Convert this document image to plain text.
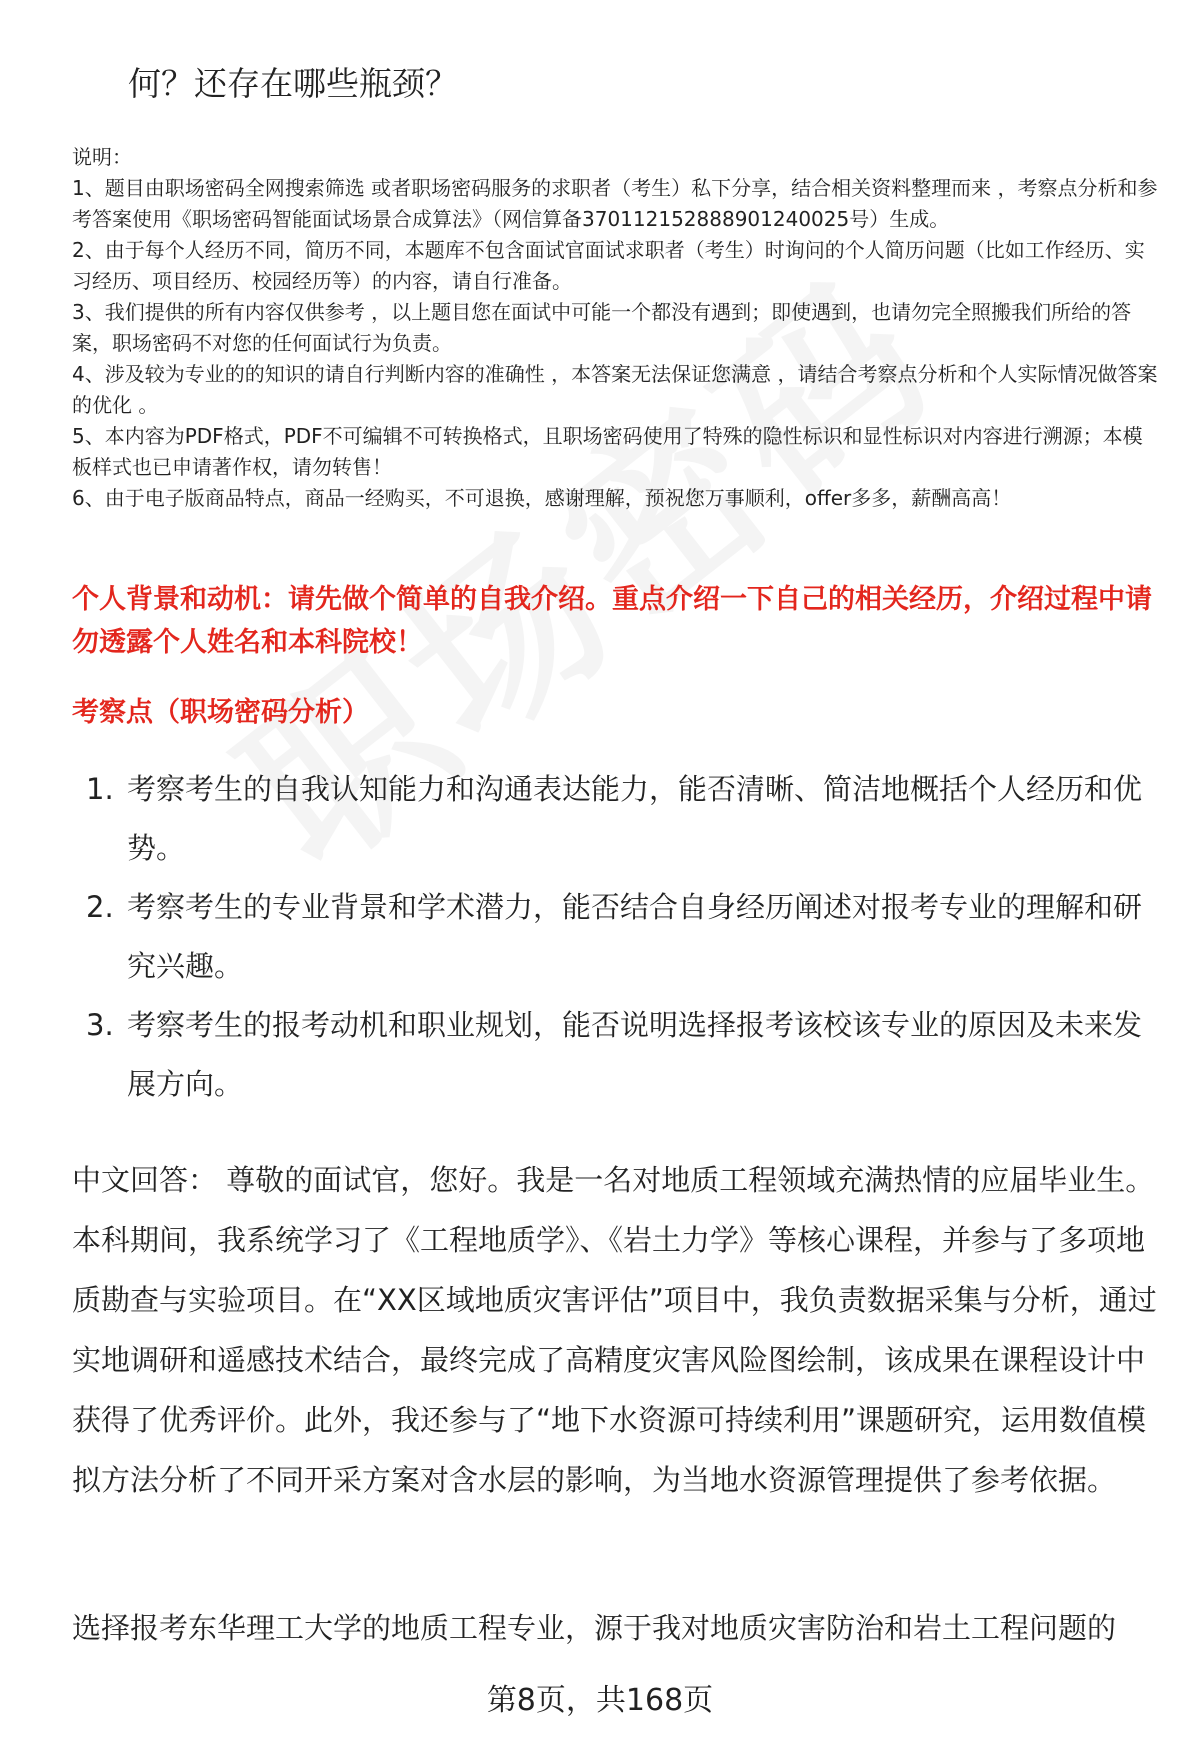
何？还存在哪些瓶颈？

说明：

1、题目由职场密码全网搜索筛选 或者职场密码服务的求职者（考生）私下分享，结合相关资料整理而来 ，考察点分析和参考答案使用《职场密码智能面试场景合成算法》（网信算备370112152888901240025号）生成。

2、由于每个人经历不同，简历不同，本题库不包含面试官面试求职者（考生）时询问的个人简历问题（比如工作经历、实习经历、项目经历、校园经历等）的内容，请自行准备。

3、我们提供的所有内容仅供参考 ，以上题目您在面试中可能一个都没有遇到；即使遇到，也请勿完全照搬我们所给的答案，职场密码不对您的任何面试行为负责。

4、涉及较为专业的的知识的请自行判断内容的准确性 ，本答案无法保证您满意 ，请结合考察点分析和个人实际情况做答案的优化 。

5、本内容为PDF格式，PDF不可编辑不可转换格式，且职场密码使用了特殊的隐性标识和显性标识对内容进行溯源；本模板样式也已申请著作权，请勿转售！

6、由于电子版商品特点，商品一经购买，不可退换，感谢理解，预祝您万事顺利，offer多多，薪酬高高！

个人背景和动机：请先做个简单的自我介绍。重点介绍一下自己的相关经历，介绍过程中请勿透露个人姓名和本科院校！
考察点（职场密码分析）
1. 考察考生的自我认知能力和沟通表达能力，能否清晰、简洁地概括个人经历和优势。
2. 考察考生的专业背景和学术潜力，能否结合自身经历阐述对报考专业的理解和研究兴趣。
3. 考察考生的报考动机和职业规划，能否说明选择报考该校该专业的原因及未来发展方向。

中文回答： 尊敬的面试官，您好。我是一名对地质工程领域充满热情的应届毕业生。本科期间，我系统学习了《工程地质学》、《岩土力学》等核心课程，并参与了多项地质勘查与实验项目。在“XX区域地质灾害评估”项目中，我负责数据采集与分析，通过实地调研和遥感技术结合，最终完成了高精度灾害风险图绘制，该成果在课程设计中获得了优秀评价。此外，我还参与了“地下水资源可持续利用”课题研究，运用数值模拟方法分析了不同开采方案对含水层的影响，为当地水资源管理提供了参考依据。

选择报考东华理工大学的地质工程专业，源于我对地质灾害防治和岩土工程问题的
第8页，共168页
